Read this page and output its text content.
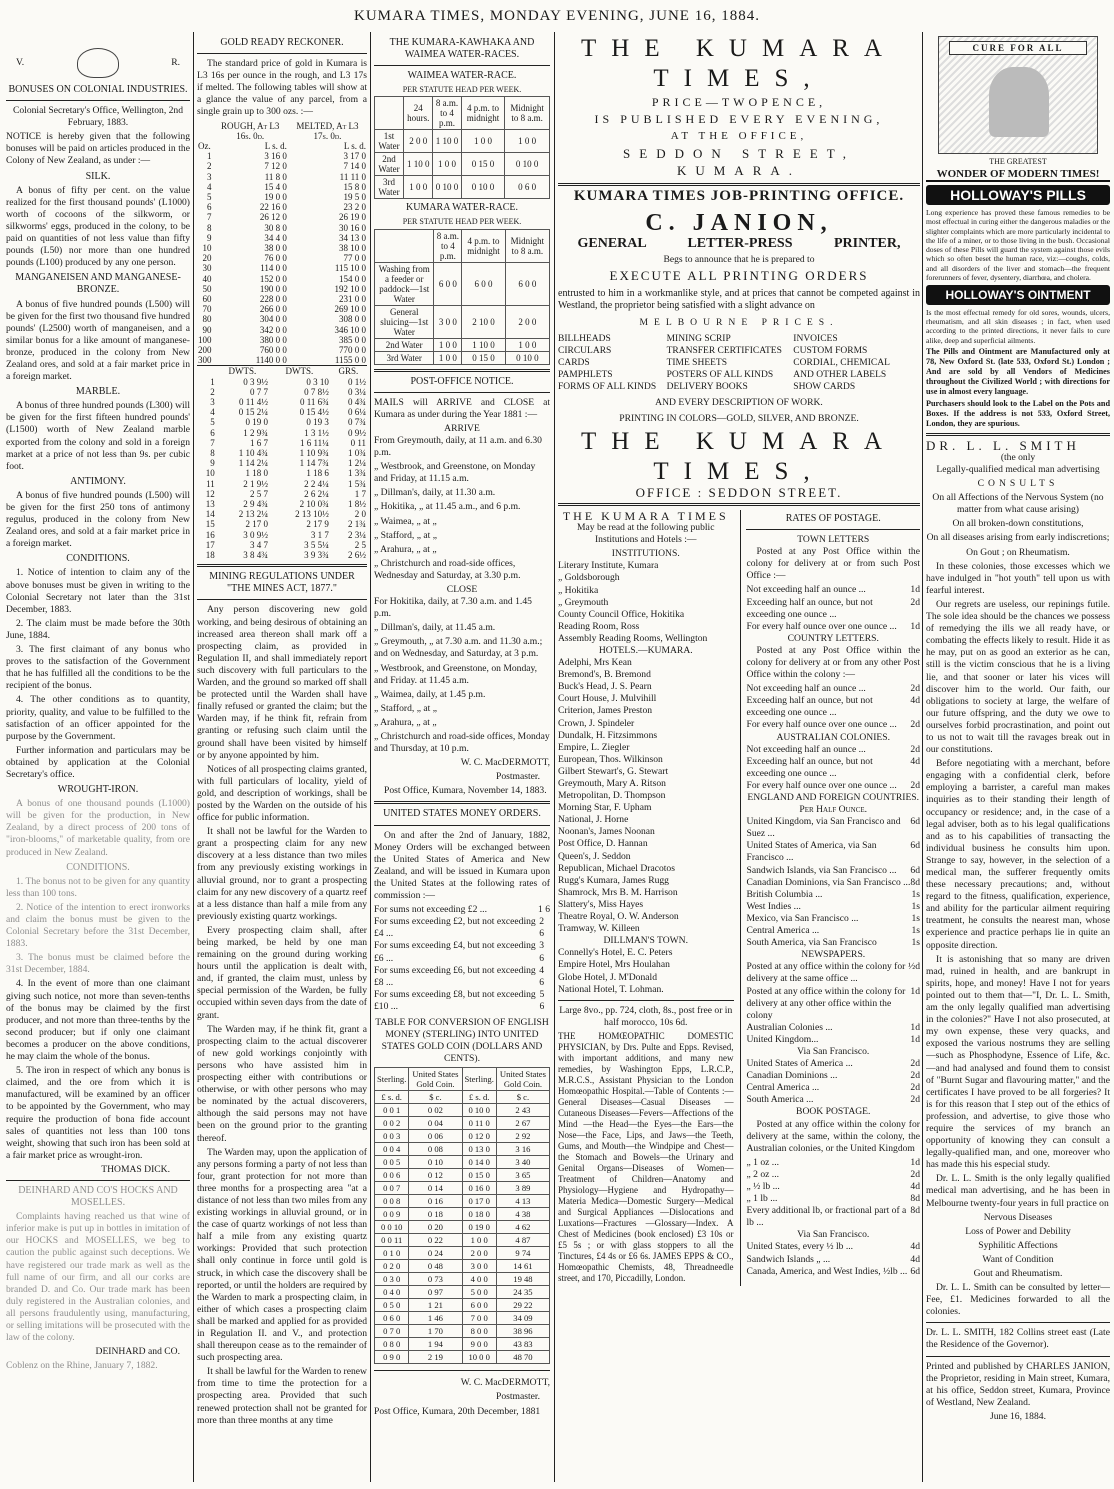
KUMARA TIMES, MONDAY EVENING, JUNE 16, 1884.
V.	R.
BONUSES ON COLONIAL INDUSTRIES.

Colonial Secretary's Office, Wellington, 2nd February, 1883.

NOTICE is hereby given that the following bonuses will be paid on articles produced in the Colony of New Zealand, as under :—

SILK.

A bonus of fifty per cent. on the value realized for the first thousand pounds' (L1000) worth of cocoons of the silkworm, or silkworms' eggs, produced in the colony, to be paid on quantities of not less value than fifty pounds (L50) nor more than one hundred pounds (L100) produced by any one person.

MANGANEISEN AND MANGANESE-BRONZE.

A bonus of five hundred pounds (L500) will be given for the first two thousand five hundred pounds' (L2500) worth of manganeisen, and a similar bonus for a like amount of manganese-bronze, produced in the colony from New Zealand ores, and sold at a fair market price in a foreign market.

MARBLE.

A bonus of three hundred pounds (L300) will be given for the first fifteen hundred pounds' (L1500) worth of New Zealand marble exported from the colony and sold in a foreign market at a price of not less than 9s. per cubic foot.

ANTIMONY.

A bonus of five hundred pounds (L500) will be given for the first 250 tons of antimony regulus, produced in the colony from New Zealand ores, and sold at a fair market price in a foreign market.

CONDITIONS.

1. Notice of intention to claim any of the above bonuses must be given in writing to the Colonial Secretary not later than the 31st December, 1883.

2. The claim must be made before the 30th June, 1884.

3. The first claimant of any bonus who proves to the satisfaction of the Government that he has fulfilled all the conditions to be the recipient of the bonus.

4. The other conditions as to quantity, priority, quality, and value to be fulfilled to the satisfaction of an officer appointed for the purpose by the Government.

Further information and particulars may be obtained by application at the Colonial Secretary's office.

WROUGHT-IRON.

A bonus of one thousand pounds (L1000) will be given for the production, in New Zealand, by a direct process of 200 tons of "iron-blooms," of marketable quality, from ore produced in New Zealand.

CONDITIONS.

1. The bonus not to be given for any quantity less than 100 tons.

2. Notice of the intention to erect ironworks and claim the bonus must be given to the Colonial Secretary before the 31st December, 1883.

3. The bonus must be claimed before the 31st December, 1884.

4. In the event of more than one claimant giving such notice, not more than seven-tenths of the bonus may be claimed by the first producer, and not more than three-tenths by the second producer; but if only one claimant becomes a producer on the above conditions, he may claim the whole of the bonus.

5. The iron in respect of which any bonus is claimed, and the ore from which it is manufactured, will be examined by an officer to be appointed by the Government, who may require the production of bona fide account sales of quantities not less than 100 tons weight, showing that such iron has been sold at a fair market price as wrought-iron.

THOMAS DICK.

DEINHARD AND CO'S HOCKS AND MOSELLES.

Complaints having reached us that wine of inferior make is put up in bottles in imitation of our HOCKS and MOSELLES, we beg to caution the public against such deceptions. We have registered our trade mark as well as the full name of our firm, and all our corks are branded D. and Co. Our trade mark has been duly registered in the Australian colonies, and all persons fraudulently using, manufacturing, or selling imitations will be prosecuted with the law of the colony.

DEINHARD and CO.

Coblenz on the Rhine, January 7, 1882.

GOLD READY RECKONER.

The standard price of gold in Kumara is L3 16s per ounce in the rough, and L3 17s if melted. The following tables will show at a glance the value of any parcel, from a single grain up to 300 ozs. :—

	ROUGH, At L3 16s. 0d.	MELTED, At L3 17s. 0d.
Oz.	L s. d.	L s. d.
1	3 16 0	3 17 0
2	7 12 0	7 14 0
3	11 8 0	11 11 0
4	15 4 0	15 8 0
5	19 0 0	19 5 0
6	22 16 0	23 2 0
7	26 12 0	26 19 0
8	30 8 0	30 16 0
9	34 4 0	34 13 0
10	38 0 0	38 10 0
20	76 0 0	77 0 0
30	114 0 0	115 10 0
40	152 0 0	154 0 0
50	190 0 0	192 10 0
60	228 0 0	231 0 0
70	266 0 0	269 10 0
80	304 0 0	308 0 0
90	342 0 0	346 10 0
100	380 0 0	385 0 0
200	760 0 0	770 0 0
300	1140 0 0	1155 0 0
	DWTS.	DWTS.	GRS.
1	0 3 9½	0 3 10	0 1½
2	0 7 7	0 7 8½	0 3¼
3	0 11 4½	0 11 6¾	0 4¾
4	0 15 2¼	0 15 4½	0 6¼
5	0 19 0	0 19 3	0 7¾
6	1 2 9¾	1 3 1½	0 9½
7	1 6 7	1 6 11¼	0 11
8	1 10 4¾	1 10 9¾	1 0¾
9	1 14 2¼	1 14 7¾	1 2¼
10	1 18 0	1 18 6	1 3¾
11	2 1 9½	2 2 4¼	1 5¾
12	2 5 7	2 6 2¼	1 7
13	2 9 4¾	2 10 0¾	1 8½
14	2 13 2¼	2 13 10½	2 0
15	2 17 0	2 17 9	2 1¾
16	3 0 9½	3 1 7	2 3¼
17	3 4 7	3 5 5¼	2 5
18	3 8 4¾	3 9 3¾	2 6½
MINING REGULATIONS UNDER "THE MINES ACT, 1877."

Any person discovering new gold working, and being desirous of obtaining an increased area thereon shall mark off a prospecting claim, as provided in Regulation II, and shall immediately report such discovery with full particulars to the Warden, and the ground so marked off shall be protected until the Warden shall have finally refused or granted the claim; but the Warden may, if he think fit, refrain from granting or refusing such claim until the ground shall have been visited by himself or by anyone appointed by him.

Notices of all prospecting claims granted, with full particulars of locality, yield of gold, and description of workings, shall be posted by the Warden on the outside of his office for public information.

It shall not be lawful for the Warden to grant a prospecting claim for any new discovery at a less distance than two miles from any previously existing workings in alluvial ground, nor to grant a prospecting claim for any new discovery of a quartz reef at a less distance than half a mile from any previously existing quartz workings.

Every prospecting claim shall, after being marked, be held by one man remaining on the ground during working hours until the application is dealt with, and, if granted, the claim must, unless by special permission of the Warden, be fully occupied within seven days from the date of grant.

The Warden may, if he think fit, grant a prospecting claim to the actual discoverer of new gold workings conjointly with persons who have assisted him in prospecting either with contributions or otherwise, or with other persons who may be nominated by the actual discoverers, although the said persons may not have been on the ground prior to the granting thereof.

The Warden may, upon the application of any persons forming a party of not less than four, grant protection for not more than three months for a prospecting area "at a distance of not less than two miles from any existing workings in alluvial ground, or in the case of quartz workings of not less than half a mile from any existing quartz workings: Provided that such protection shall only continue in force until gold is struck, in which case the discovery shall be reported, or until the holders are required by the Warden to mark a prospecting claim, in either of which cases a prospecting claim shall be marked and applied for as provided in Regulation II. and V., and protection shall thereupon cease as to the remainder of such prospecting area.

It shall be lawful for the Warden to renew from time to time the protection for a prospecting area. Provided that such renewed protection shall not be granted for more than three months at any time

THE KUMARA-KAWHAKA AND WAIMEA WATER-RACES.
WAIMEA WATER-RACE.
PER STATUTE HEAD PER WEEK.
	24 hours.	8 a.m. to 4 p.m.	4 p.m. to midnight	Midnight to 8 a.m.
1st Water	2 0 0	1 10 0	1 0 0	1 0 0
2nd Water	1 10 0	1 0 0	0 15 0	0 10 0
3rd Water	1 0 0	0 10 0	0 10 0	0 6 0
KUMARA WATER-RACE.
PER STATUTE HEAD PER WEEK.
	8 a.m. to 4 p.m.	4 p.m. to midnight	Midnight to 8 a.m.
Washing from a feeder or paddock—1st Water	6 0 0	6 0 0	6 0 0
General sluicing—1st Water	3 0 0	2 10 0	2 0 0
2nd Water	1 0 0	1 10 0	1 0 0
3rd Water	1 0 0	0 15 0	0 10 0
POST-OFFICE NOTICE.

MAILS will ARRIVE and CLOSE at Kumara as under during the Year 1881 :—

ARRIVE

From Greymouth, daily, at 11 a.m. and 6.30 p.m.

„ Westbrook, and Greenstone, on Monday and Friday, at 11.15 a.m.

„ Dillman's, daily, at 11.30 a.m.

„ Hokitika, „ at 11.45 a.m., and 6 p.m.

„ Waimea, „ at „

„ Stafford, „ at „

„ Arahura, „ at „

„ Christchurch and road-side offices, Wednesday and Saturday, at 3.30 p.m.

CLOSE

For Hokitika, daily, at 7.30 a.m. and 1.45 p.m.

„ Dillman's, daily, at 11.45 a.m.

„ Greymouth, „ at 7.30 a.m. and 11.30 a.m.; and on Wednesday, and Saturday, at 3 p.m.

„ Westbrook, and Greenstone, on Monday, and Friday. at 11.45 a.m.

„ Waimea, daily, at 1.45 p.m.

„ Stafford, „ at „

„ Arahura, „ at „

„ Christchurch and road-side offices, Monday and Thursday, at 10 p.m.

W. C. MacDERMOTT,

Postmaster.

Post Office, Kumara, November 14, 1883.

UNITED STATES MONEY ORDERS.

On and after the 2nd of January, 1882, Money Orders will be exchanged between the United States of America and New Zealand, and will be issued in Kumara upon the United States at the following rates of commission :—

For sums not exceeding £2 ...	1 6
For sums exceeding £2, but not exceeding £4 ...
2 6
For sums exceeding £4, but not exceeding £6 ...
3 6
For sums exceeding £6, but not exceeding £8 ...
4 6
For sums exceeding £8, but not exceeding £10 ...
5 6

TABLE FOR CONVERSION OF ENGLISH MONEY (STERLING) INTO UNITED STATES GOLD COIN (DOLLARS AND CENTS).

Sterling.	United States Gold Coin.	Sterling.	United States Gold Coin.
£ s. d.	$ c.	£ s. d.	$ c.
0 0 1	0 02	0 10 0	2 43
0 0 2	0 04	0 11 0	2 67
0 0 3	0 06	0 12 0	2 92
0 0 4	0 08	0 13 0	3 16
0 0 5	0 10	0 14 0	3 40
0 0 6	0 12	0 15 0	3 65
0 0 7	0 14	0 16 0	3 89
0 0 8	0 16	0 17 0	4 13
0 0 9	0 18	0 18 0	4 38
0 0 10	0 20	0 19 0	4 62
0 0 11	0 22	1 0 0	4 87
0 1 0	0 24	2 0 0	9 74
0 2 0	0 48	3 0 0	14 61
0 3 0	0 73	4 0 0	19 48
0 4 0	0 97	5 0 0	24 35
0 5 0	1 21	6 0 0	29 22
0 6 0	1 46	7 0 0	34 09
0 7 0	1 70	8 0 0	38 96
0 8 0	1 94	9 0 0	43 83
0 9 0	2 19	10 0 0	48 70

W. C. MacDERMOTT,

Postmaster.

Post Office, Kumara, 20th December, 1881

THE KUMARA TIMES,
PRICE—TWOPENCE,
IS PUBLISHED EVERY EVENING,
AT THE OFFICE,
SEDDON STREET, KUMARA.
KUMARA TIMES JOB-PRINTING OFFICE.
C. JANION,
GENERAL LETTER-PRESS PRINTER,
Begs to announce that he is prepared to
EXECUTE ALL PRINTING ORDERS

entrusted to him in a workmanlike style, and at prices that cannot be competed against in Westland, the proprietor being satisfied with a slight advance on

MELBOURNE PRICES.
BILLHEADS	MINING SCRIP	INVOICES
CIRCULARS	TRANSFER CERTIFICATES	CUSTOM FORMS
CARDS	TIME SHEETS	CORDIAL, CHEMICAL
PAMPHLETS	POSTERS OF ALL KINDS	AND OTHER LABELS
FORMS OF ALL KINDS	DELIVERY BOOKS	SHOW CARDS
AND EVERY DESCRIPTION OF WORK.
PRINTING IN COLORS—GOLD, SILVER, AND BRONZE.
THE KUMARA TIMES,
OFFICE : SEDDON STREET.
THE KUMARA TIMES

May be read at the following public Institutions and Hotels :—

INSTITUTIONS.
Literary Institute, Kumara
„ Goldsborough
„ Hokitika
„ Greymouth
County Council Office, Hokitika
Reading Room, Ross
Assembly Reading Rooms, Wellington
HOTELS.—KUMARA.
Adelphi, Mrs Kean
Bremond's, B. Bremond
Buck's Head, J. S. Pearn
Court House, J. Mulvihill
Criterion, James Preston
Crown, J. Spindeler
Dundalk, H. Fitzsimmons
Empire, L. Ziegler
European, Thos. Wilkinson
Gilbert Stewart's, G. Stewart
Greymouth, Mary A. Ritson
Metropolitan, D. Thompson
Morning Star, F. Upham
National, J. Horne
Noonan's, James Noonan
Post Office, D. Hannan
Queen's, J. Seddon
Republican, Michael Dracotos
Rugg's Kumara, James Rugg
Shamrock, Mrs B. M. Harrison
Slattery's, Miss Hayes
Theatre Royal, O. W. Anderson
Tramway, W. Killeen
DILLMAN'S TOWN.
Connelly's Hotel, E. C. Peters
Empire Hotel, Mrs Houlahan
Globe Hotel, J. M'Donald
National Hotel, T. Lohman.

Large 8vo., pp. 724, cloth, 8s., post free or in half morocco, 10s 6d.

THE HOMŒOPATHIC DOMESTIC PHYSICIAN, by Drs. Pulte and Epps. Revised, with important additions, and many new remedies, by Washington Epps, L.R.C.P., M.R.C.S., Assistant Physician to the London Homœopathic Hospital.—Table of Contents :—General Diseases—Casual Diseases — Cutaneous Diseases—Fevers—Affections of the Mind —the Head—the Eyes—the Ears—the Nose—the Face, Lips, and Jaws—the Teeth, Gums, and Mouth—the Windpipe and Chest—the Stomach and Bowels—the Urinary and Genital Organs—Diseases of Women—Treatment of Children—Anatomy and Physiology—Hygiene and Hydropathy—Materia Medica—Domestic Surgery—Medical and Surgical Appliances —Dislocations and Luxations—Fractures —Glossary—Index. A Chest of Medicines (book enclosed) £3 10s or £5 5s ; or with glass stoppers to all the Tinctures, £4 4s or £6 6s. JAMES EPPS & CO., Homœopathic Chemists, 48, Threadneedle street, and 170, Piccadilly, London.

RATES OF POSTAGE.
TOWN LETTERS

Posted at any Post Office within the colony for delivery at or from such Post Office :—

Not exceeding half an ounce ...	1d
Exceeding half an ounce, but not exceeding one ounce ...
2d
For every half ounce over one ounce ... 1d
COUNTRY LETTERS.

Posted at any Post Office within the colony for delivery at or from any other Post Office within the colony :—

Not exceeding half an ounce ...	2d
Exceeding half an ounce, but not exceeding one ounce ...
4d
For every half ounce over one ounce ... 2d
AUSTRALIAN COLONIES.
Not exceeding half an ounce ...	2d
Exceeding half an ounce, but not exceeding one ounce ...
4d
For every half ounce over one ounce ... 2d
ENGLAND AND FOREIGN COUNTRIES. Per Half Ounce.
United Kingdom, via San Francisco and Suez ...
6d
United States of America, via San Francisco ...
6d
Sandwich Islands, via San Francisco ... 6d
Canadian Dominions, via San Francisco ... 8d
British Columbia ...	1s
West Indies ...	1s
Mexico, via San Francisco ...	1s
Central America ...	1s
South America, via San Francisco	1s
NEWSPAPERS.
Posted at any office within the colony for delivery at the same office ...
½d
Posted at any office within the colony for delivery at any other office within the colony
1d
Australian Colonies ...	1d
United Kingdom...	1d
Via San Francisco.
United States of America ...	2d
Canadian Dominions ...	2d
Central America ...	2d
South America ...	2d
BOOK POSTAGE.

Posted at any office within the colony for delivery at the same, within the colony, the Australian colonies, or the United Kingdom

„ 1 oz ...	1d
„ 2 oz ...	2d
„ ½ lb ...	4d
„ 1 lb ...	8d
Every additional lb, or fractional part of a lb ...
8d
Via San Francisco.
United States, every ½ lb ...	4d
Sandwich Islands „ ...	4d
Canada, America, and West Indies, ½lb ... 6d
CURE FOR ALL
THE GREATEST
WONDER OF MODERN TIMES!
HOLLOWAY'S PILLS

Long experience has proved these famous remedies to be most effectual in curing either the dangerous maladies or the slighter complaints which are more particularly incidental to the life of a miner, or to those living in the bush. Occasional doses of these Pills will guard the system against those evils which so often beset the human race, viz:—coughs, colds, and all disorders of the liver and stomach—the frequent forerunners of fever, dysentery, diarrhœa, and cholera.

HOLLOWAY'S OINTMENT

Is the most effectual remedy for old sores, wounds, ulcers, rheumatism, and all skin diseases ; in fact, when used according to the printed directions, it never fails to cure alike, deep and superficial ailments.

The Pills and Ointment are Manufactured only at 78, New Oxford St. (late 533, Oxford St.) London ; And are sold by all Vendors of Medicines throughout the Civilized World ; with directions for use in almost every language.

Purchasers should look to the Label on the Pots and Boxes. If the address is not 533, Oxford Street, London, they are spurious.

DR. L. L. SMITH
(the only
Legally-qualified medical man advertising
CONSULTS

On all Affections of the Nervous System (no matter from what cause arising)

On all broken-down constitutions,

On all diseases arising from early indiscretions;

On Gout ; on Rheumatism.

In these colonies, those excesses which we have indulged in "hot youth" tell upon us with fearful interest.

Our regrets are useless, our repinings futile. The sole idea should be the chances we possess of remedying the ills we all ready have, or combating the effects likely to result. Hide it as he may, put on as good an exterior as he can, still is the victim conscious that he is a living lie, and that sooner or later his vices will discover him to the world. Our faith, our obligations to society at large, the welfare of our future offspring, and the duty we owe to ourselves forbid procrastination, and point out to us not to wait till the ravages break out in our constitutions.

Before negotiating with a merchant, before engaging with a confidential clerk, before employing a barrister, a careful man makes inquiries as to their standing their length of occupancy or residence; and, in the case of a legal adviser, both as to his legal qualifications and as to his capabilities of transacting the individual business he consults him upon. Strange to say, however, in the selection of a medical man, the sufferer frequently omits these necessary precautions; and, without regard to the fitness, qualification, experience, and ability for the particular ailment requiring treatment, he consults the nearest man, whose experience and practice perhaps lie in quite an opposite direction.

It is astonishing that so many are driven mad, ruined in health, and are bankrupt in spirits, hope, and money! Have I not for years pointed out to them that—"I, Dr. L. L. Smith, am the only legally qualified man advertising in the colonies?" Have I not also prosecuted, at my own expense, these very quacks, and exposed the various nostrums they are selling—such as Phosphodyne, Essence of Life, &c.—and had analysed and found them to consist of "Burnt Sugar and flavouring matter," and the certificates I have proved to be all forgeries? It is for this reason that I step out of the ethics of profession, and advertise, to give those who require the services of my branch an opportunity of knowing they can consult a legally-qualified man, and one, moreover who has made this his especial study.

Dr. L. L. Smith is the only legally qualified medical man advertising, and he has been in Melbourne twenty-four years in full practice on

Nervous Diseases

Loss of Power and Debility

Syphilitic Affections

Want of Condition

Gout and Rheumatism.

Dr. L. L. Smith can be consulted by letter—Fee, £1. Medicines forwarded to all the colonies.

Dr. L. L. SMITH, 182 Collins street east (Late the Residence of the Governor).

Printed and published by CHARLES JANION, the Proprietor, residing in Main street, Kumara, at his office, Seddon street, Kumara, Province of Westland, New Zealand.

June 16, 1884.
